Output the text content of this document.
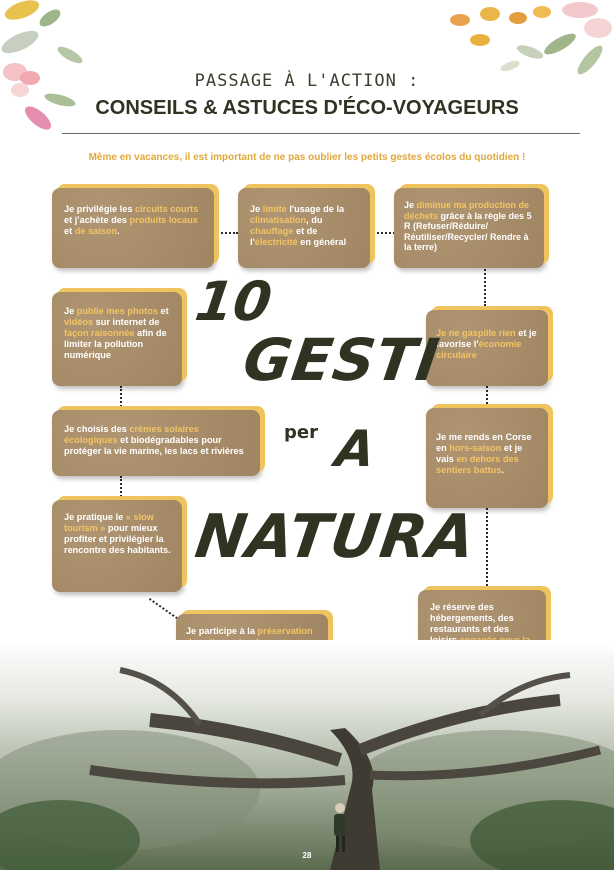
PASSAGE À L'ACTION :
CONSEILS & ASTUCES D'ÉCO-VOYAGEURS
Même en vacances, il est important de ne pas oublier les petits gestes écolos du quotidien !
Je privilégie les circuits courts et j'achète des produits locaux et de saison.
Je limite l'usage de la climatisation, du chauffage et de l'électricité en général
Je diminue ma production de déchets grâce à la règle des 5 R (Refuser/Réduire/ Réutiliser/Recycler/ Rendre à la terre)
Je publie mes photos et vidéos sur internet de façon raisonnée afin de limiter la pollution numérique
Je ne gaspille rien et je favorise l'économie circulaire
Je choisis des crèmes solaires écologiques et biodégradables pour protéger la vie marine, les lacs et rivières
Je me rends en Corse en hors-saison et je vais en dehors des sentiers battus.
Je pratique le « slow tourism » pour mieux profiter et privilégier la rencontre des habitants.
Je participe à la préservation
Je réserve des hébergements, des restaurants et des
10
GESTI
per A
NATURA
28
